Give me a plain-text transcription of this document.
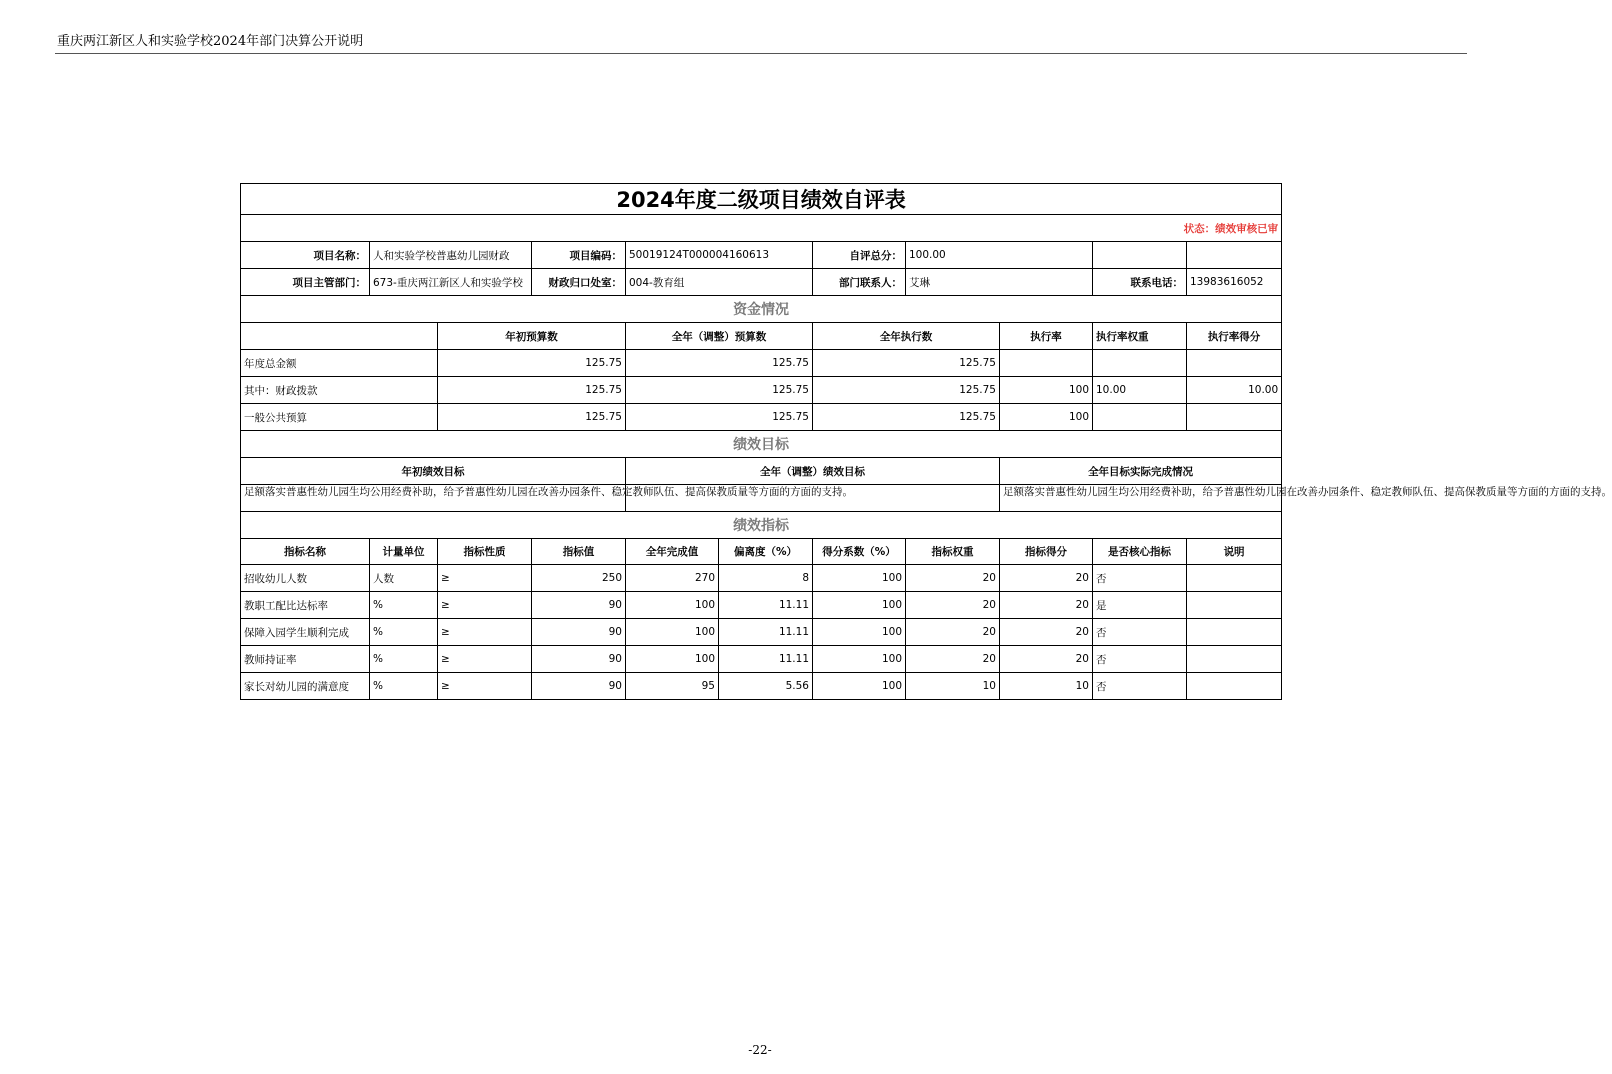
重庆两江新区人和实验学校2024年部门决算公开说明
2024年度二级项目绩效自评表										
状态：绩效审核已审										
项目名称：	人和实验学校普惠幼儿园财政		项目编码：	50019124T000004160613		自评总分：	100.00			
项目主管部门：	673-重庆两江新区人和实验学校		财政归口处室：	004-教育组		部门联系人：	艾琳		联系电话：	13983616052
资金情况										
		年初预算数		全年（调整）预算数		全年执行数		执行率	执行率权重	执行率得分
年度总金额		125.75		125.75		125.75				
其中：财政拨款		125.75		125.75		125.75		100	10.00	10.00
一般公共预算		125.75		125.75		125.75		100		
绩效目标										
年初绩效目标				全年（调整）绩效目标				全年目标实际完成情况		
足额落实普惠性幼儿园生均公用经费补助，给予普惠性幼儿园在改善办园条件、稳定教师队伍、提高保教质量等方面的方面的支持。								足额落实普惠性幼儿园生均公用经费补助，给予普惠性幼儿园在改善办园条件、稳定教师队伍、提高保教质量等方面的方面的支持。		
绩效指标										
指标名称	计量单位	指标性质	指标值	全年完成值	偏离度（%）	得分系数（%）	指标权重	指标得分	是否核心指标	说明
招收幼儿人数	人数	≥	250	270	8	100	20	20	否	
教职工配比达标率	%	≥	90	100	11.11	100	20	20	是	
保障入园学生顺利完成	%	≥	90	100	11.11	100	20	20	否	
教师持证率	%	≥	90	100	11.11	100	20	20	否	
家长对幼儿园的满意度	%	≥	90	95	5.56	100	10	10	否	
-22-
